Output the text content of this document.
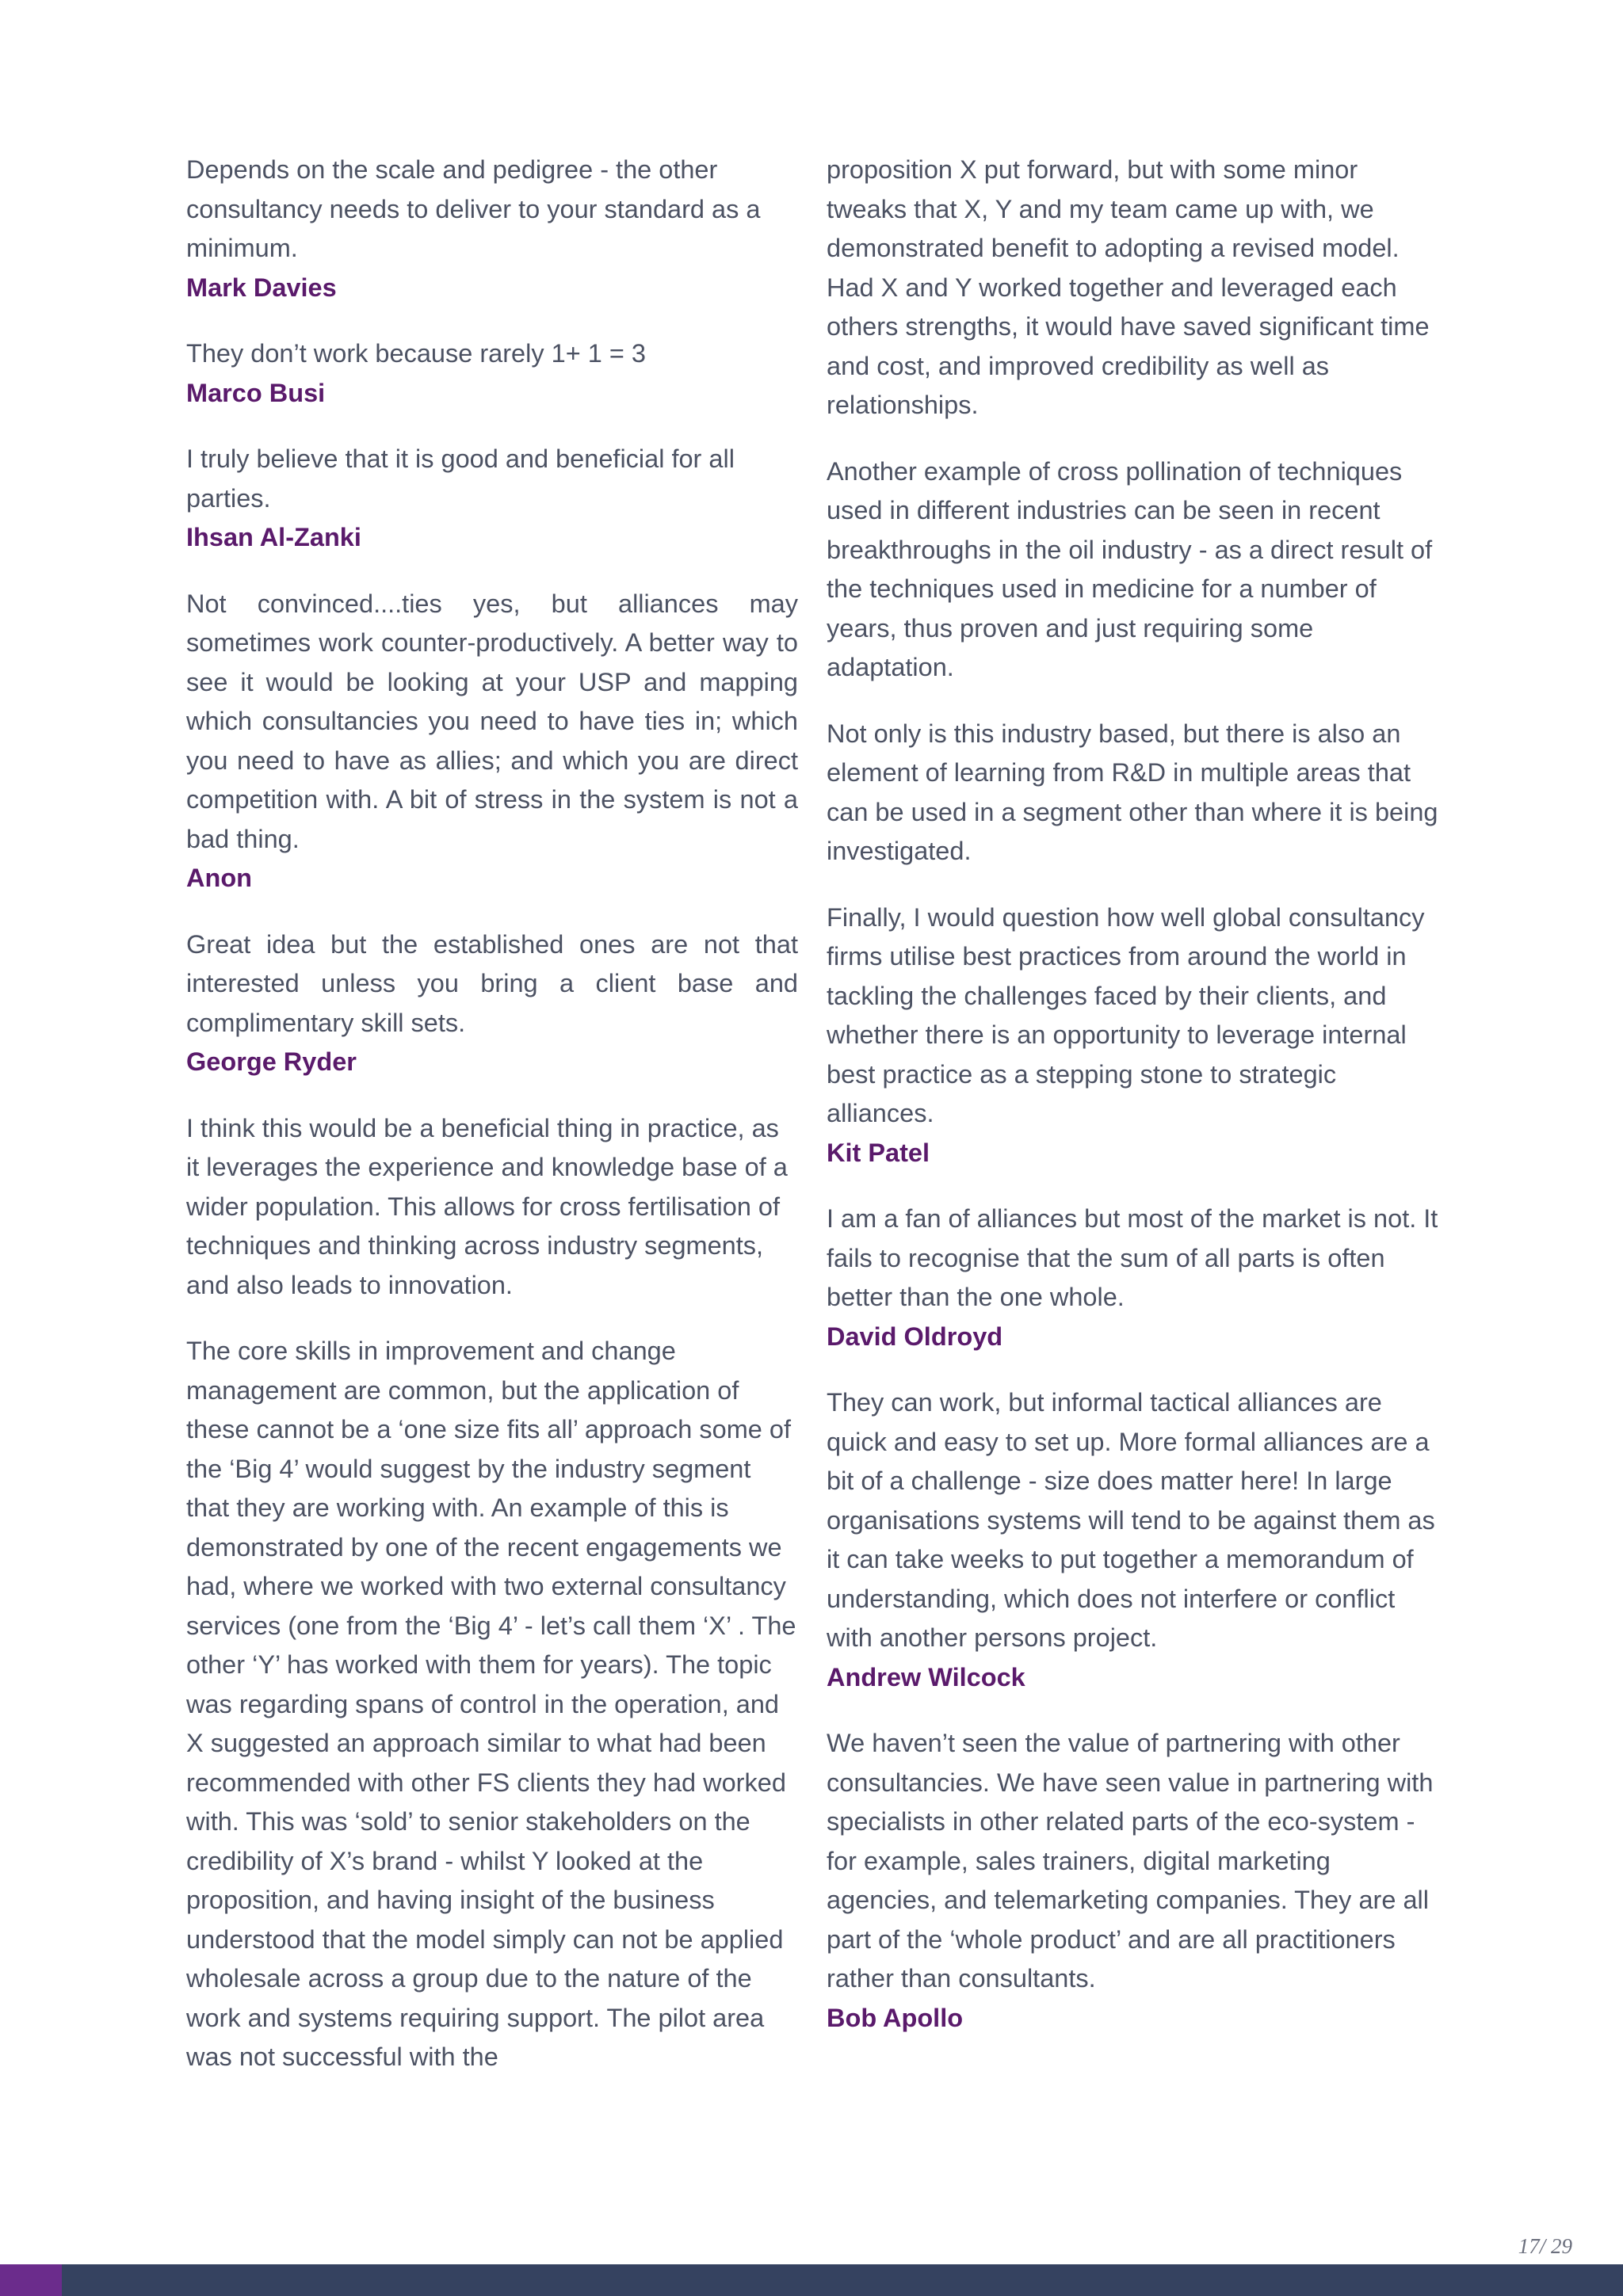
Depends on the scale and pedigree - the other consultancy needs to deliver to your standard as a minimum.

Mark Davies

They don’t work because rarely 1+ 1 = 3

Marco Busi

I truly believe that it is good and beneficial for all parties.

Ihsan Al-Zanki

Not convinced....ties yes, but alliances may sometimes work counter-productively. A better way to see it would be looking at your USP and mapping which consultancies you need to have ties in; which you need to have as allies; and which you are direct competition with. A bit of stress in the system is not a bad thing.

Anon

Great idea but the established ones are not that interested unless you bring a client base and complimentary skill sets.

George Ryder

I think this would be a beneficial thing in practice, as it leverages the experience and knowledge base of a wider population. This allows for cross fertilisation of techniques and thinking across industry segments, and also leads to innovation.

The core skills in improvement and change management are common, but the application of these cannot be a ‘one size fits all’ approach some of the ‘Big 4’ would suggest by the industry segment that they are working with. An example of this is demonstrated by one of the recent engagements we had, where we worked with two external consultancy services (one from the ‘Big 4’ - let’s call them ‘X’ . The other ‘Y’ has worked with them for years). The topic was regarding spans of control in the operation, and X suggested an approach similar to what had been recommended with other FS clients they had worked with. This was ‘sold’ to senior stakeholders on the credibility of X’s brand - whilst Y looked at the proposition, and having insight of the business understood that the model simply can not be applied wholesale across a group due to the nature of the work and systems requiring support. The pilot area was not successful with the

proposition X put forward, but with some minor tweaks that X, Y and my team came up with, we demonstrated benefit to adopting a revised model. Had X and Y worked together and leveraged each others strengths, it would have saved significant time and cost, and improved credibility as well as relationships.

Another example of cross pollination of techniques used in different industries can be seen in recent breakthroughs in the oil industry - as a direct result of the techniques used in medicine for a number of years, thus proven and just requiring some adaptation.

Not only is this industry based, but there is also an element of learning from R&D in multiple areas that can be used in a segment other than where it is being investigated.

Finally, I would question how well global consultancy firms utilise best practices from around the world in tackling the challenges faced by their clients, and whether there is an opportunity to leverage internal best practice as a stepping stone to strategic alliances.

Kit Patel

I am a fan of alliances but most of the market is not. It fails to recognise that the sum of all parts is often better than the one whole.

David Oldroyd

They can work, but informal tactical alliances are quick and easy to set up. More formal alliances are a bit of a challenge - size does matter here! In large organisations systems will tend to be against them as it can take weeks to put together a memorandum of understanding, which does not interfere or conflict with another persons project.

Andrew Wilcock

We haven’t seen the value of partnering with other consultancies. We have seen value in partnering with specialists in other related parts of the eco-system - for example, sales trainers, digital marketing agencies, and telemarketing companies. They are all part of the ‘whole product’ and are all practitioners rather than consultants.

Bob Apollo
17/ 29
